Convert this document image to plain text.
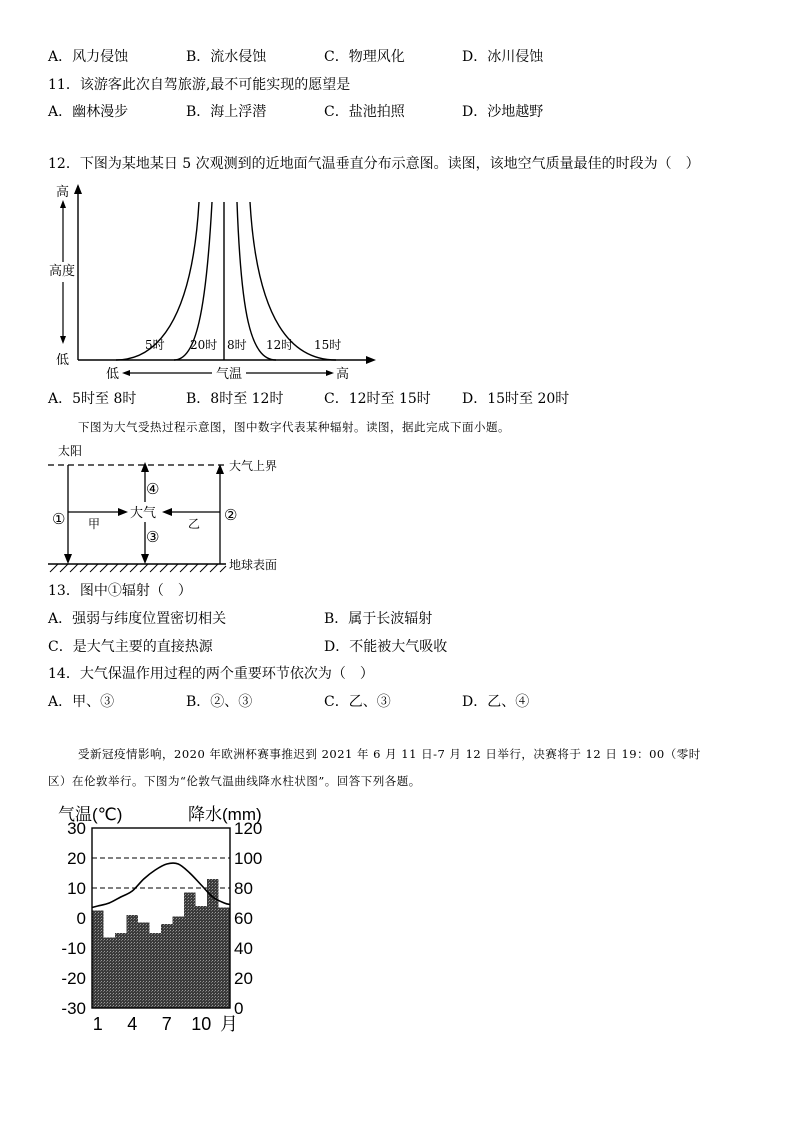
A．风力侵蚀	B．流水侵蚀	C．物理风化	D．冰川侵蚀
11．该游客此次自驾旅游,最不可能实现的愿望是
A．幽林漫步	B．海上浮潜	C．盐池拍照	D．沙地越野
12．下图为某地某日 5 次观测到的近地面气温垂直分布示意图。读图，该地空气质量最佳的时段为（　）
高
高度
低
5时 20时 8时 12时 15时
低	气温	高
A．5时至 8时	B．8时至 12时	C．12时至 15时 D．15时至 20时
下图为大气受热过程示意图，图中数字代表某种辐射。读图，据此完成下面小题。
太阳
大气上界
地球表面
①	②
大气
④
③
甲	乙
13．图中①辐射（　）
A．强弱与纬度位置密切相关	B．属于长波辐射
C．是大气主要的直接热源	D．不能被大气吸收
14．大气保温作用过程的两个重要环节依次为（　）
A．甲、③	B．②、③	C．乙、③	D．乙、④
受新冠疫情影响，2020 年欧洲杯赛事推迟到 2021 年 6 月 11 日-7 月 12 日举行，决赛将于 12 日 19：00（零时
区）在伦敦举行。下图为“伦敦气温曲线降水柱状图”。回答下列各题。
气温(℃)	降水(mm)
30
20
10
0
-10
-20
-30
120
100
80
60
40
20
0
1 4 7 10 月
